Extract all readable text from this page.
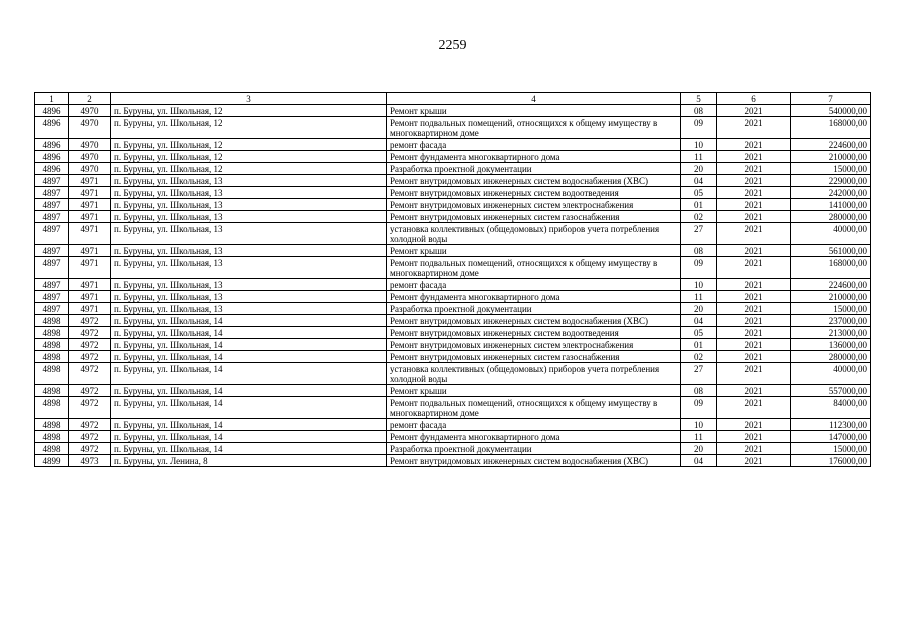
2259
1	2	3	4	5	6	7
4896	4970	п. Буруны, ул. Школьная, 12	Ремонт крыши	08	2021	540000,00
4896	4970	п. Буруны, ул. Школьная, 12	Ремонт подвальных помещений, относящихся к общему имуществу в многоквартирном доме	09	2021	168000,00
4896	4970	п. Буруны, ул. Школьная, 12	ремонт фасада	10	2021	224600,00
4896	4970	п. Буруны, ул. Школьная, 12	Ремонт фундамента многоквартирного дома	11	2021	210000,00
4896	4970	п. Буруны, ул. Школьная, 12	Разработка проектной документации	20	2021	15000,00
4897	4971	п. Буруны, ул. Школьная, 13	Ремонт внутридомовых инженерных систем водоснабжения (ХВС)	04	2021	229000,00
4897	4971	п. Буруны, ул. Школьная, 13	Ремонт внутридомовых инженерных систем водоотведения	05	2021	242000,00
4897	4971	п. Буруны, ул. Школьная, 13	Ремонт внутридомовых инженерных систем электроснабжения	01	2021	141000,00
4897	4971	п. Буруны, ул. Школьная, 13	Ремонт внутридомовых инженерных систем газоснабжения	02	2021	280000,00
4897	4971	п. Буруны, ул. Школьная, 13	установка коллективных (общедомовых) приборов учета потребления холодной воды	27	2021	40000,00
4897	4971	п. Буруны, ул. Школьная, 13	Ремонт крыши	08	2021	561000,00
4897	4971	п. Буруны, ул. Школьная, 13	Ремонт подвальных помещений, относящихся к общему имуществу в многоквартирном доме	09	2021	168000,00
4897	4971	п. Буруны, ул. Школьная, 13	ремонт фасада	10	2021	224600,00
4897	4971	п. Буруны, ул. Школьная, 13	Ремонт фундамента многоквартирного дома	11	2021	210000,00
4897	4971	п. Буруны, ул. Школьная, 13	Разработка проектной документации	20	2021	15000,00
4898	4972	п. Буруны, ул. Школьная, 14	Ремонт внутридомовых инженерных систем водоснабжения (ХВС)	04	2021	237000,00
4898	4972	п. Буруны, ул. Школьная, 14	Ремонт внутридомовых инженерных систем водоотведения	05	2021	213000,00
4898	4972	п. Буруны, ул. Школьная, 14	Ремонт внутридомовых инженерных систем электроснабжения	01	2021	136000,00
4898	4972	п. Буруны, ул. Школьная, 14	Ремонт внутридомовых инженерных систем газоснабжения	02	2021	280000,00
4898	4972	п. Буруны, ул. Школьная, 14	установка коллективных (общедомовых) приборов учета потребления холодной воды	27	2021	40000,00
4898	4972	п. Буруны, ул. Школьная, 14	Ремонт крыши	08	2021	557000,00
4898	4972	п. Буруны, ул. Школьная, 14	Ремонт подвальных помещений, относящихся к общему имуществу в многоквартирном доме	09	2021	84000,00
4898	4972	п. Буруны, ул. Школьная, 14	ремонт фасада	10	2021	112300,00
4898	4972	п. Буруны, ул. Школьная, 14	Ремонт фундамента многоквартирного дома	11	2021	147000,00
4898	4972	п. Буруны, ул. Школьная, 14	Разработка проектной документации	20	2021	15000,00
4899	4973	п. Буруны, ул. Ленина, 8	Ремонт внутридомовых инженерных систем водоснабжения (ХВС)	04	2021	176000,00
